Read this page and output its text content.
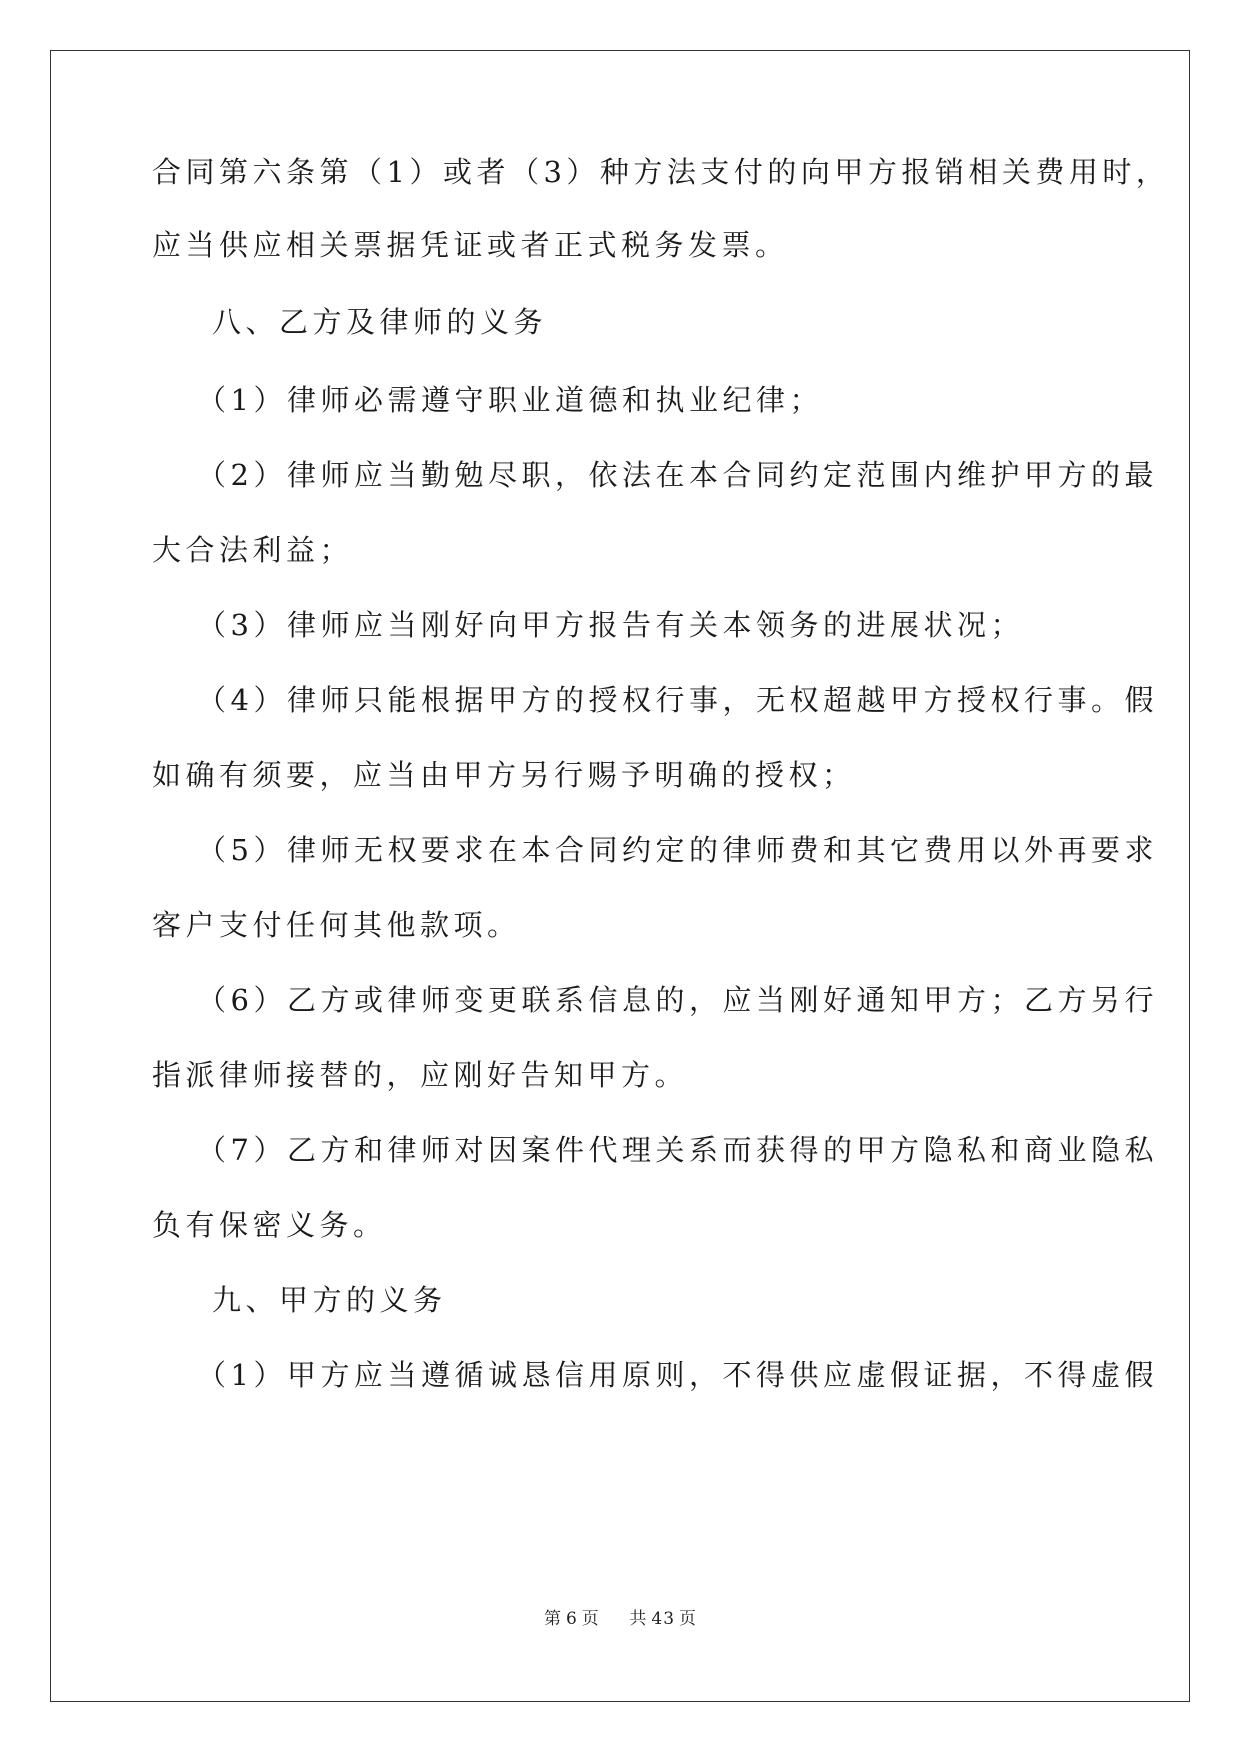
合同第六条第（1）或者（3）种方法支付的向甲方报销相关费用时，
应当供应相关票据凭证或者正式税务发票。
八、乙方及律师的义务
（1）律师必需遵守职业道德和执业纪律；
（2）律师应当勤勉尽职，依法在本合同约定范围内维护甲方的最
大合法利益；
（3）律师应当刚好向甲方报告有关本领务的进展状况；
（4）律师只能根据甲方的授权行事，无权超越甲方授权行事。假
如确有须要，应当由甲方另行赐予明确的授权；
（5）律师无权要求在本合同约定的律师费和其它费用以外再要求
客户支付任何其他款项。
（6）乙方或律师变更联系信息的，应当刚好通知甲方；乙方另行
指派律师接替的，应刚好告知甲方。
（7）乙方和律师对因案件代理关系而获得的甲方隐私和商业隐私
负有保密义务。
九、甲方的义务
（1）甲方应当遵循诚恳信用原则，不得供应虚假证据，不得虚假
第 6 页 共 43 页
